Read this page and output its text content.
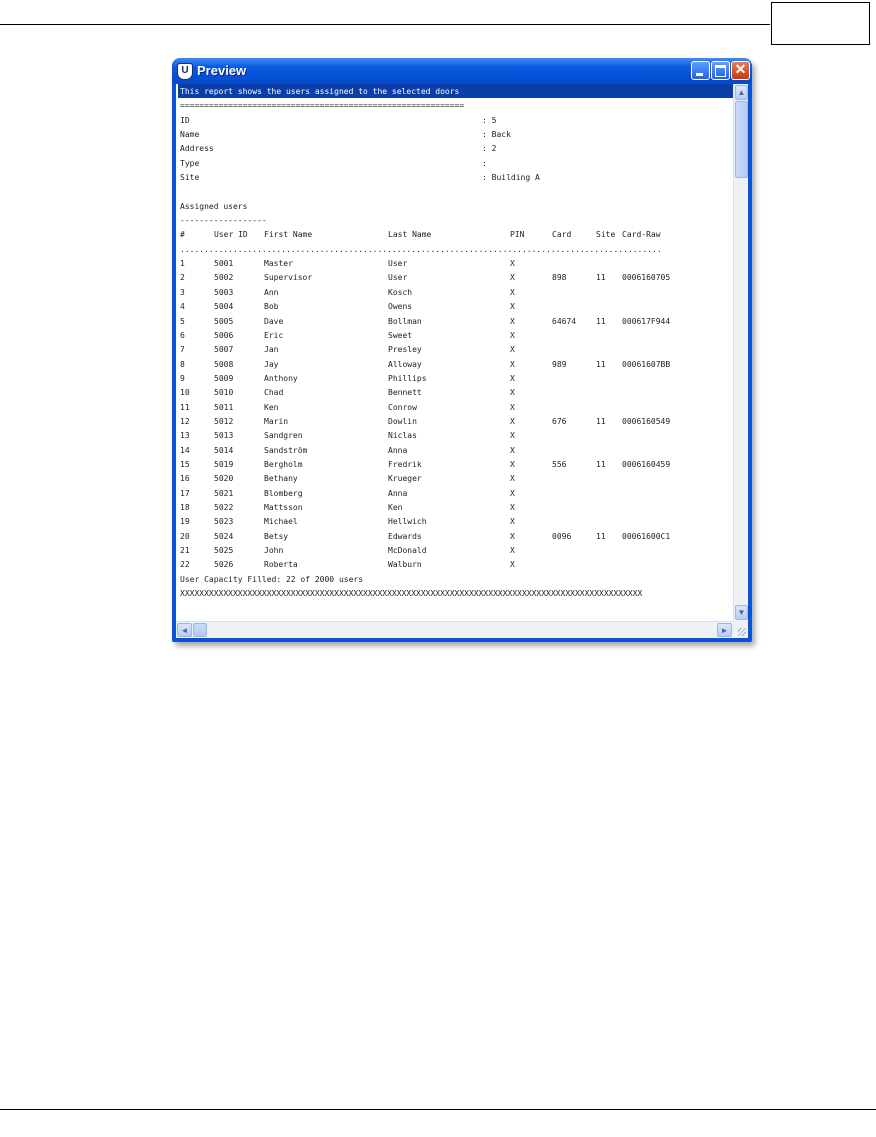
U Preview	✕
This report shows the users assigned to the selected doors
===========================================================
ID	: 5
Name	: Back
Address	: 2
Type	:
Site	: Building A
Assigned users
------------------
#	User ID First Name	Last Name	PIN	Card	Site Card-Raw
....................................................................................................
1	5001	Master	User	X
2	5002	Supervisor	User	X	898	11 0006160705
3	5003	Ann	Kosch	X
4	5004	Bob	Owens	X
5	5005	Dave	Bollman	X	64674 11 000617F944
6	5006	Eric	Sweet	X
7	5007	Jan	Presley	X
8	5008	Jay	Alloway	X	989	11 00061607BB
9	5009	Anthony	Phillips	X
10	5010	Chad	Bennett	X
11	5011	Ken	Conrow	X
12	5012	Marin	Dowlin	X	676	11 0006160549
13	5013	Sandgren	Niclas	X
14	5014	Sandström	Anna	X
15	5019	Bergholm	Fredrik	X	556	11 0006160459
16	5020	Bethany	Krueger	X
17	5021	Blomberg	Anna	X
18	5022	Mattsson	Ken	X
19	5023	Michael	Hellwich	X
20	5024	Betsy	Edwards	X	0096	11 00061600C1
21	5025	John	McDonald	X
22	5026	Roberta	Walburn	X
User Capacity Filled: 22 of 2000 users
XXXXXXXXXXXXXXXXXXXXXXXXXXXXXXXXXXXXXXXXXXXXXXXXXXXXXXXXXXXXXXXXXXXXXXXXXXXXXXXXXXXXXXXXXXXXXXXX
▲
▼
◄	►
